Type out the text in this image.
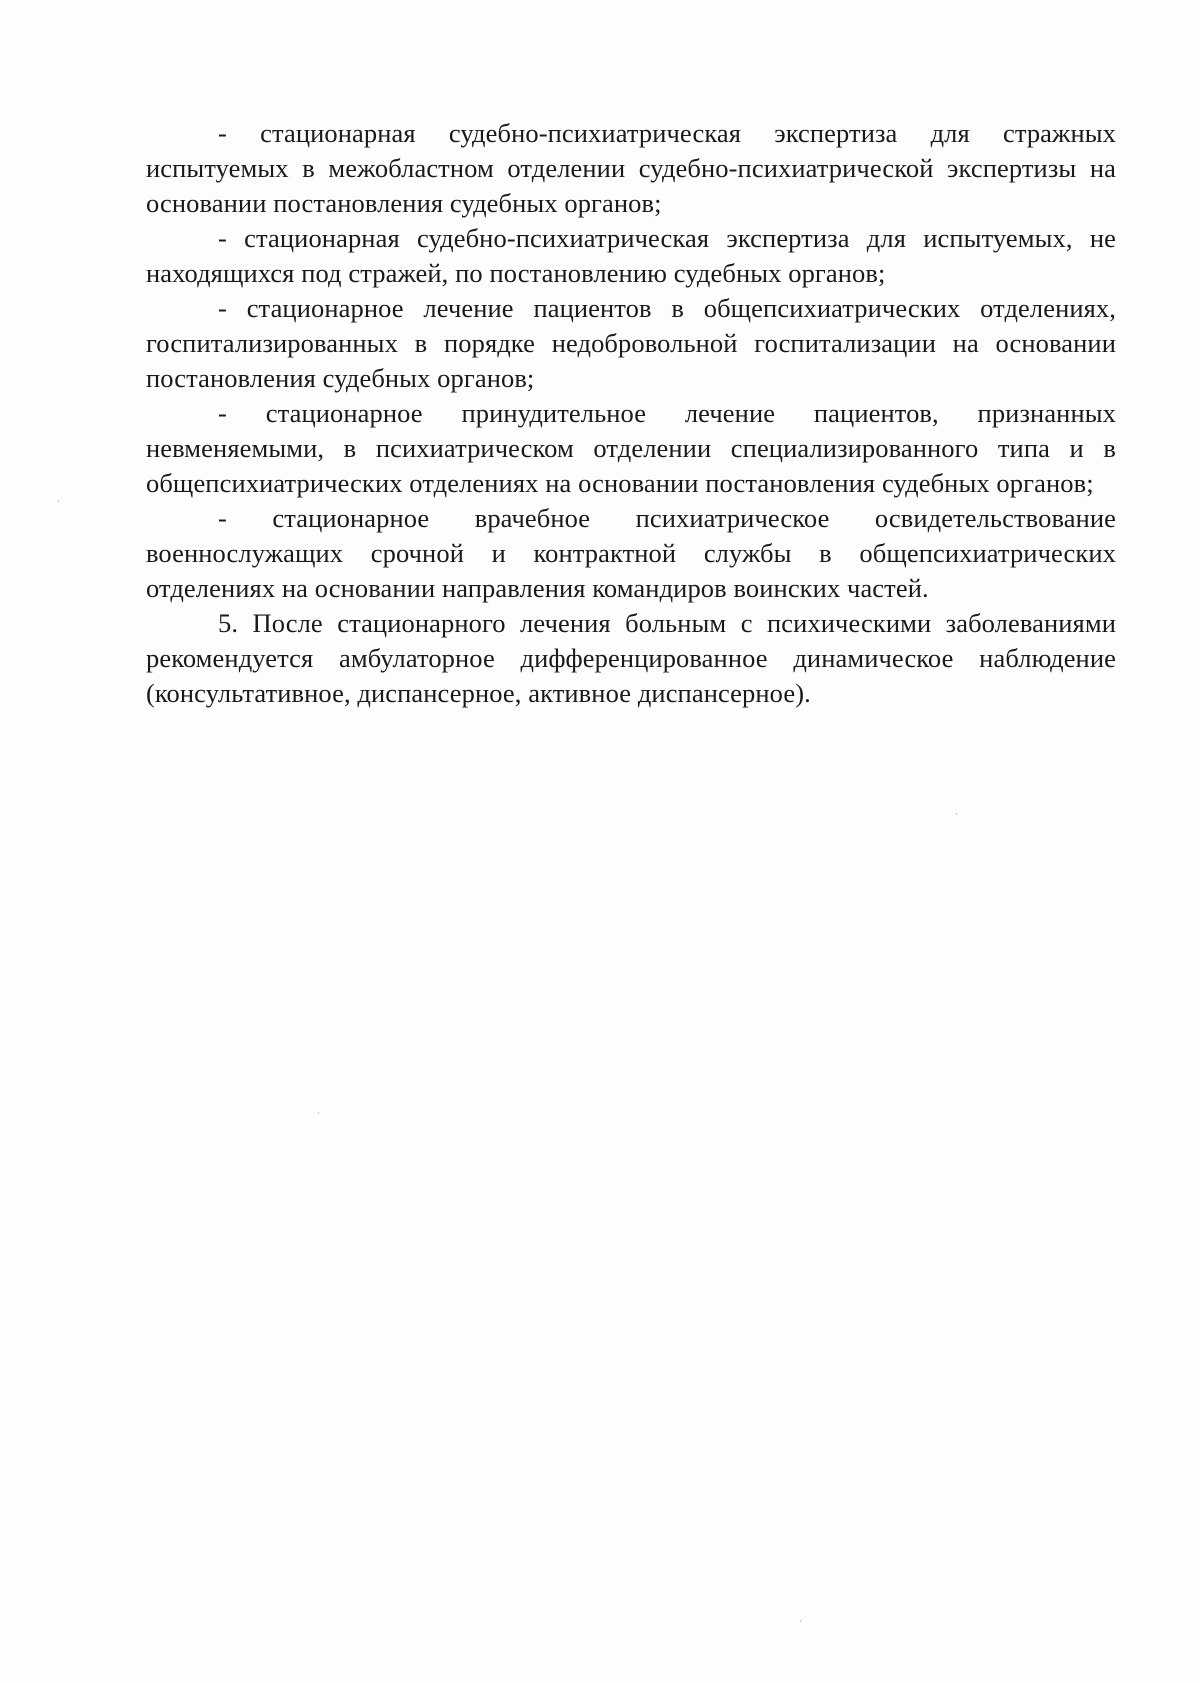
- стационарная судебно-психиатрическая экспертиза для стражных испытуемых в межобластном отделении судебно-психиатрической экспертизы на основании постановления судебных органов;

- стационарная судебно-психиатрическая экспертиза для испытуемых, не находящихся под стражей, по постановлению судебных органов;

- стационарное лечение пациентов в общепсихиатрических отделениях, госпитализированных в порядке недобровольной госпитализации на основании постановления судебных органов;

- стационарное принудительное лечение пациентов, признанных невменяемыми, в психиатрическом отделении специализированного типа и в общепсихиатрических отделениях на основании постановления судебных органов;

- стационарное врачебное психиатрическое освидетельствование военнослужащих срочной и контрактной службы в общепсихиатрических отделениях на основании направления командиров воинских частей.

5. После стационарного лечения больным с психическими заболеваниями рекомендуется амбулаторное дифференцированное динамическое наблюдение (консультативное, диспансерное, активное диспансерное).
